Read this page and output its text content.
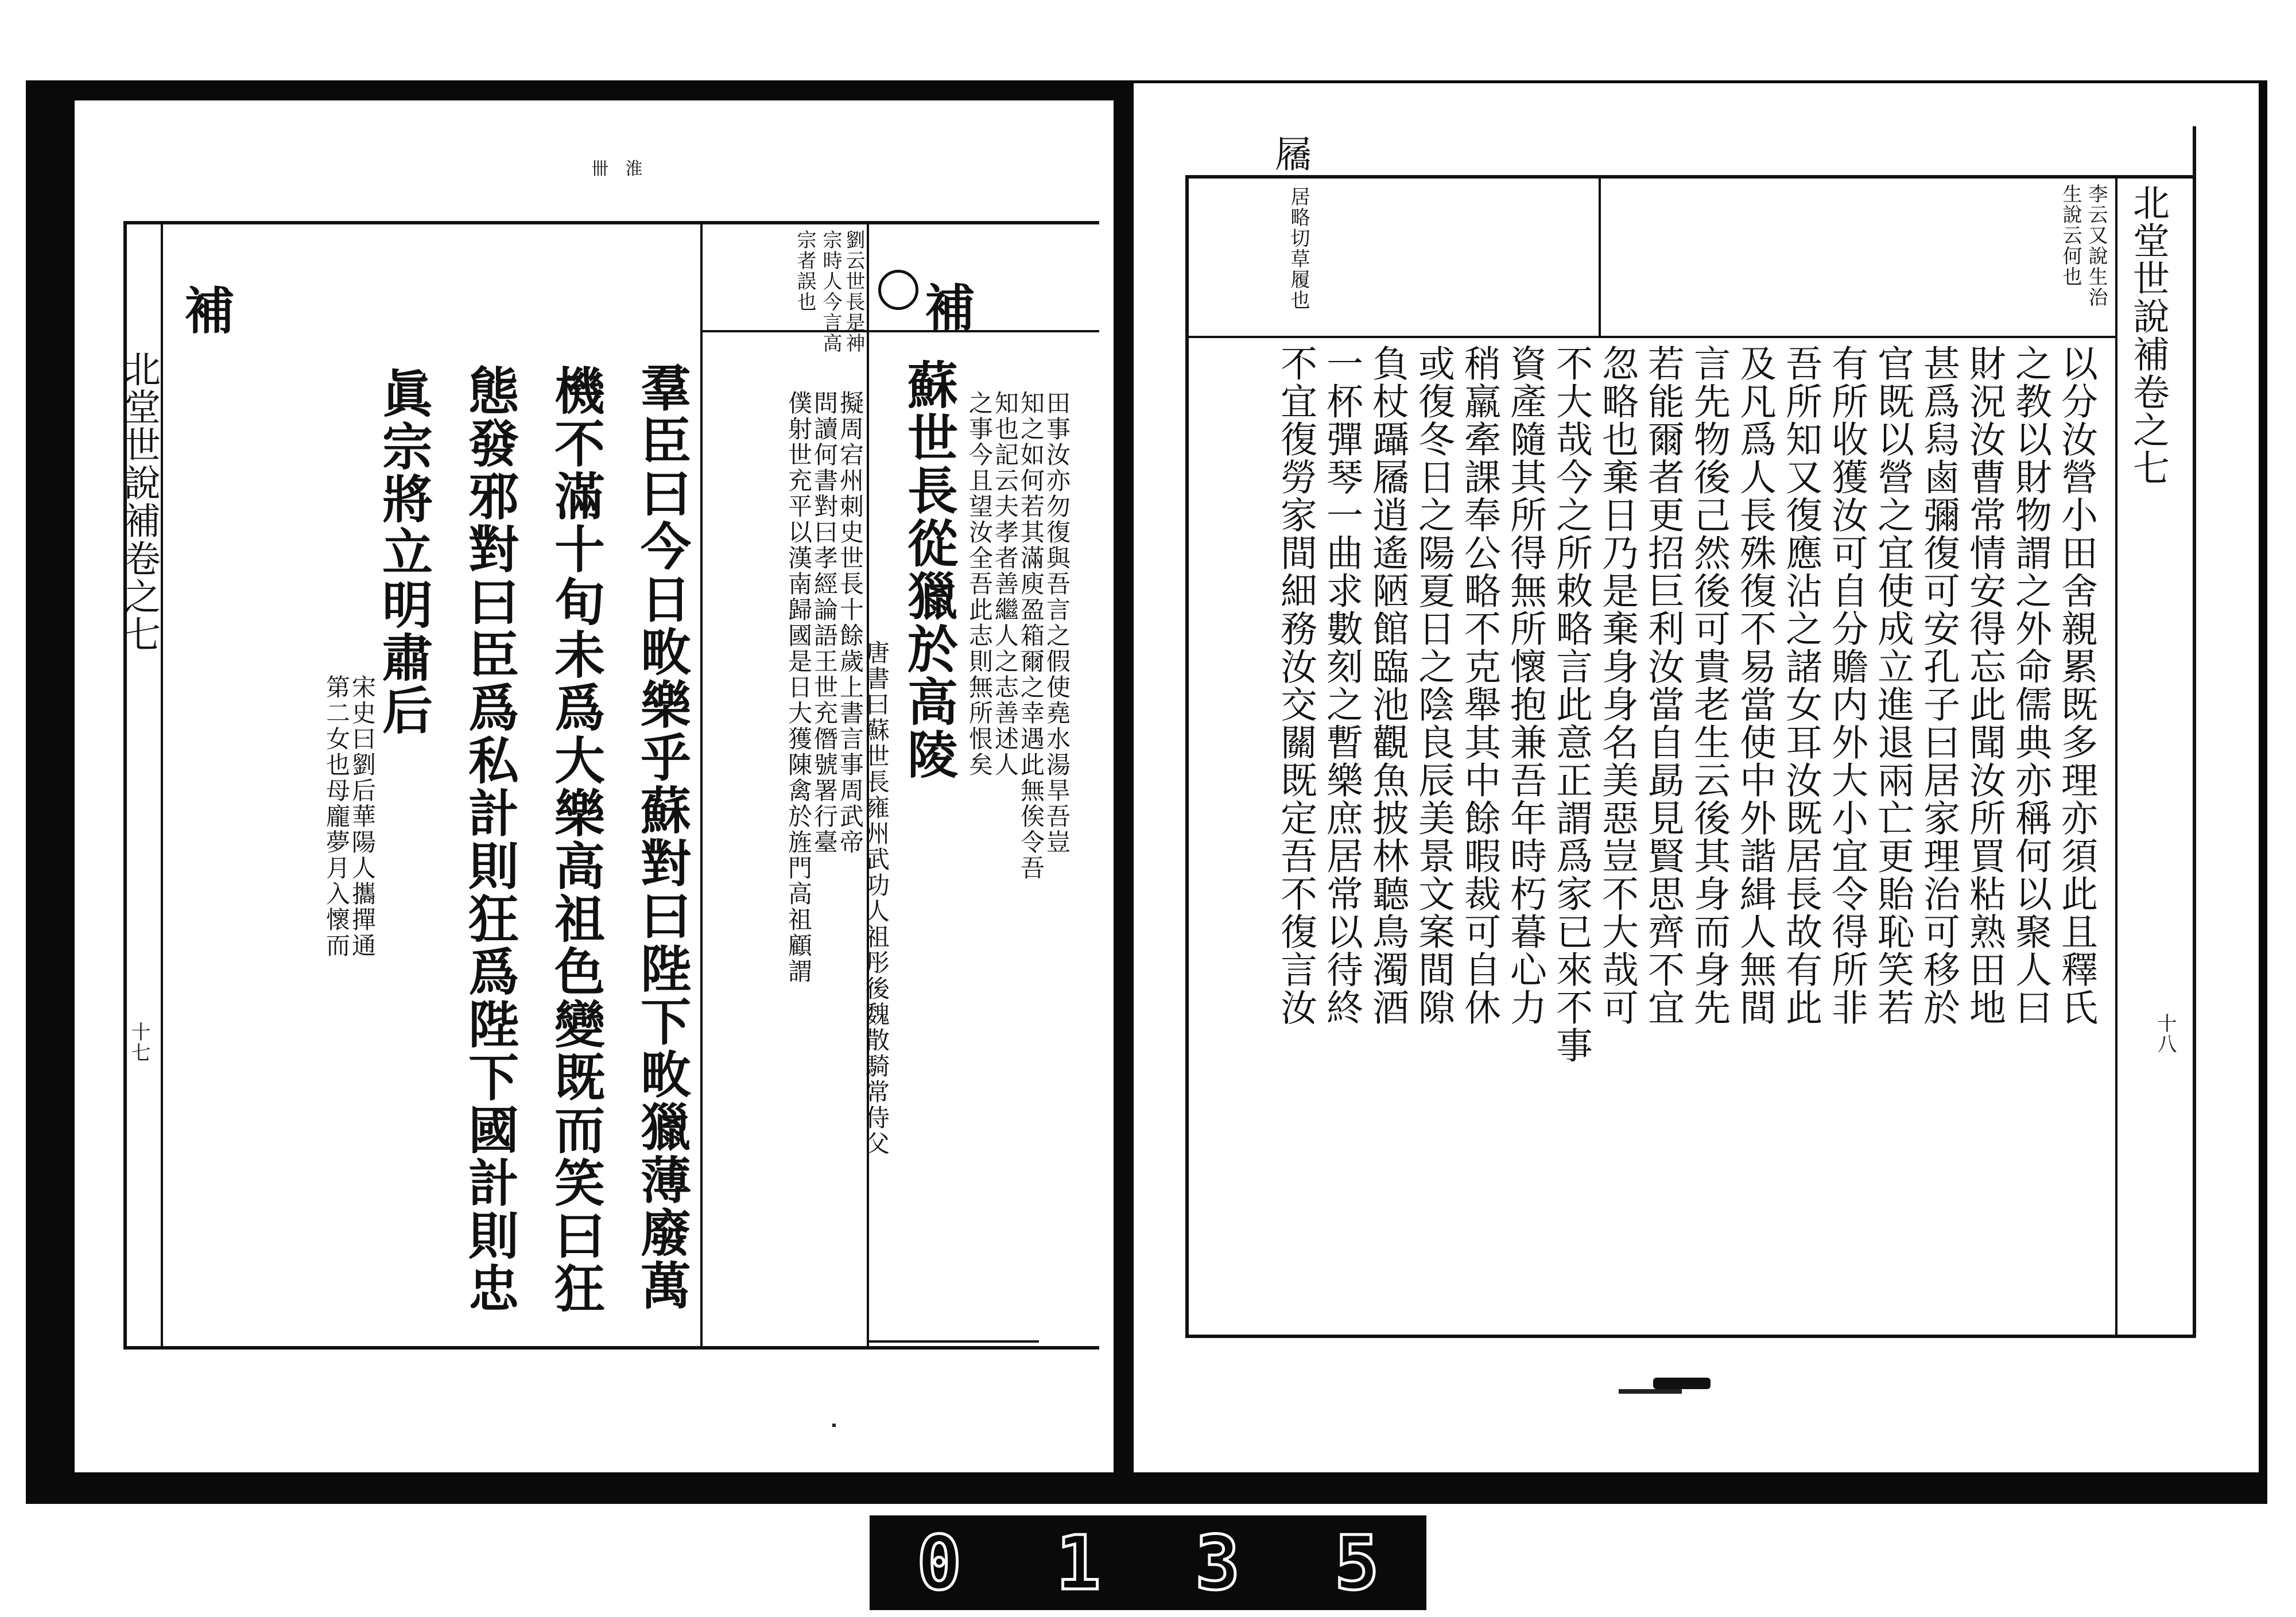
卌 淮
補
北堂世說補卷之七
十七
劉云世長是神
宗時人今言高
宗者誤也 補
蘇世長從獵於高陵
羣臣曰今日畋樂乎蘇對曰陛下畋獵薄廢萬
機不滿十旬未爲大樂高祖色變既而笑曰狂
態發邪對曰臣爲私計則狂爲陛下國計則忠
眞宗將立明肅后	田事汝亦勿復與吾言之假使堯水湯旱吾豈
知之如何若其滿庾盈箱爾之幸遇此無俟令吾
知也記云夫孝者善繼人之志善述人
之事今且望汝全吾此志則無所恨矣
唐書曰蘇世長雍州武功人祖彤後魏散騎常侍父
擬周宕州刺史世長十餘歲上書言事周武帝
問讀何書對曰孝經論語王世充僭號署行臺
僕射世充平以漢南歸國是日大獲陳禽於旌門高祖顧謂
宋史曰劉后華陽人攜撣通
第二女也母龐夢月入懷而
屩
居略切草履也	李云又說生治
生說云何也 北堂世說補卷之七
十八
以分汝營小田舍親累既多理亦須此且釋氏
之教以財物謂之外命儒典亦稱何以聚人曰
財況汝曹常情安得忘此聞汝所買粘熟田地
甚爲舄鹵彌復可安孔子曰居家理治可移於
官既以營之宜使成立進退兩亡更貽恥笑若
有所收獲汝可自分贍内外大小宜令得所非
吾所知又復應沾之諸女耳汝既居長故有此
及凡爲人長殊復不易當使中外諧緝人無間
言先物後己然後可貴老生云後其身而身先
若能爾者更招巨利汝當自勗見賢思齊不宜
忽略也棄日乃是棄身身名美惡豈不大哉可
不大哉今之所敕略言此意正謂爲家已來不事
資產隨其所得無所懷抱兼吾年時朽暮心力
稍羸牽課奉公略不克舉其中餘暇裁可自休
或復冬日之陽夏日之陰良辰美景文案間隙
負杖躡屩逍遙陋館臨池觀魚披林聽鳥濁酒
一杯彈琴一曲求數刻之暫樂庶居常以待終
不宜復勞家間細務汝交關既定吾不復言汝
0 1 3 5
